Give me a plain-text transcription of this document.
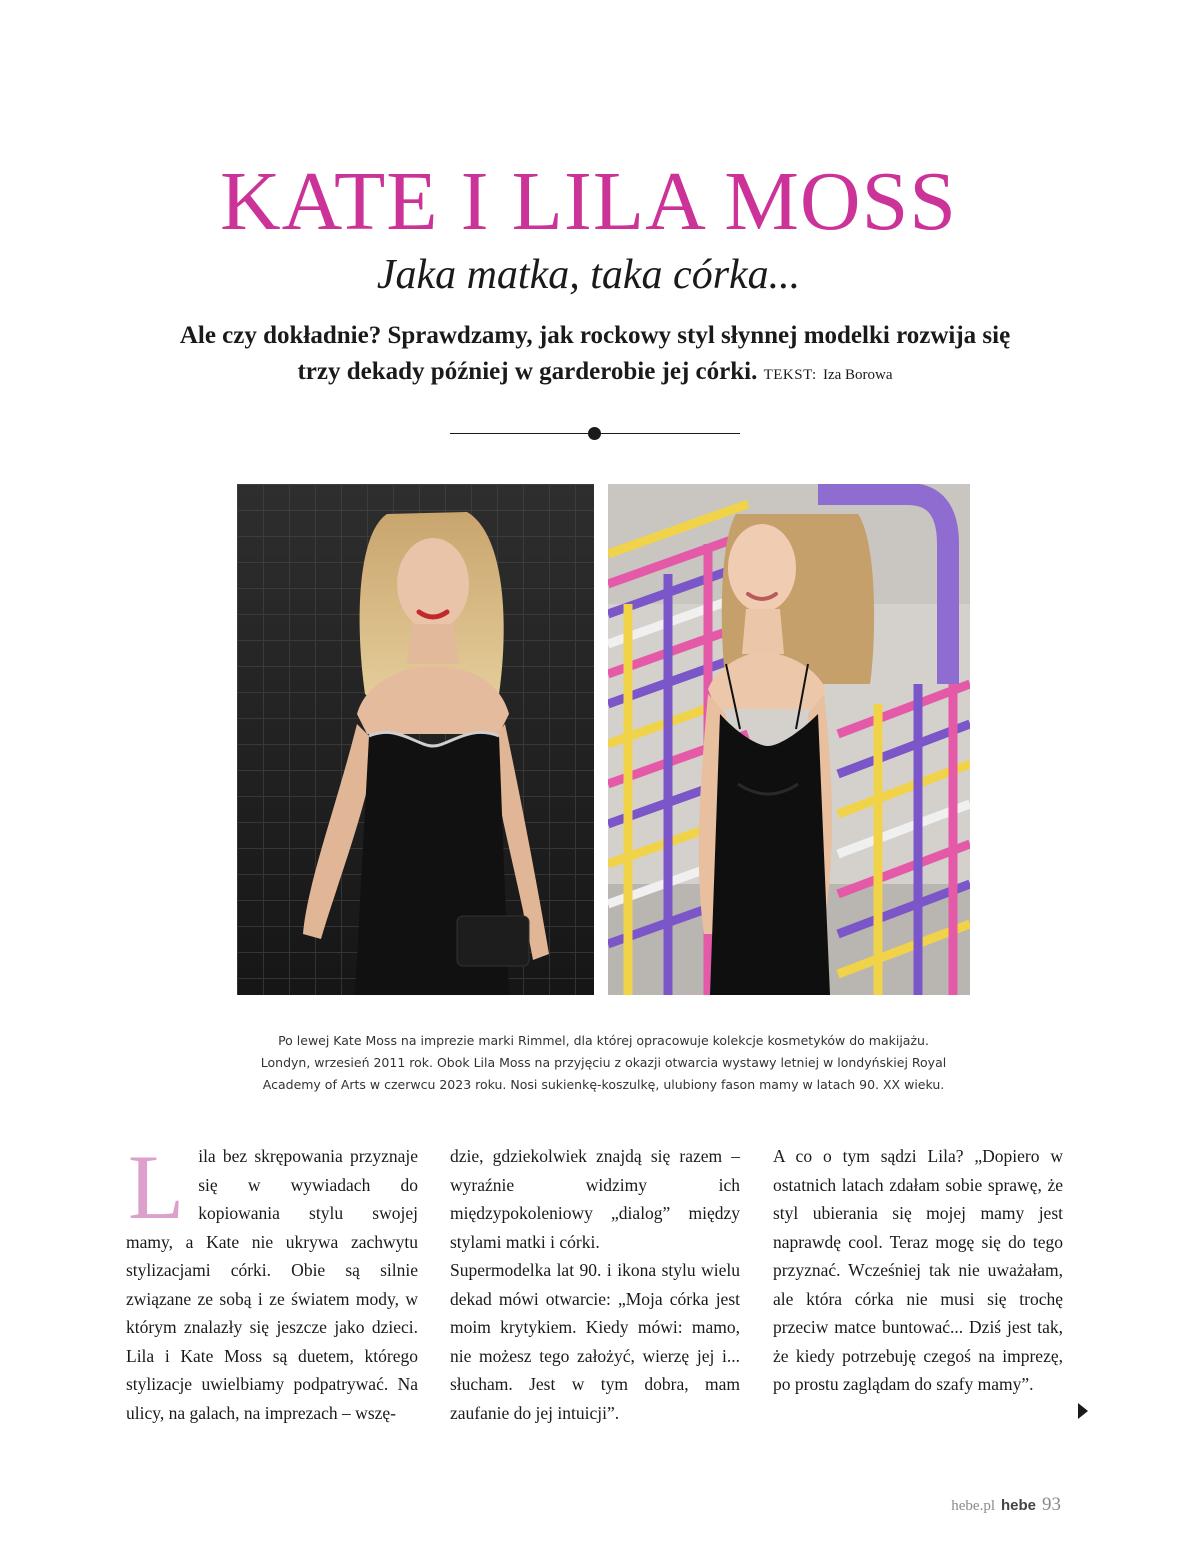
KATE I LILA MOSS
Jaka matka, taka córka...
Ale czy dokładnie? Sprawdzamy, jak rockowy styl słynnej modelki rozwija się
trzy dekady później w garderobie jej córki. TEKST: Iza Borowa
Po lewej Kate Moss na imprezie marki Rimmel, dla której opracowuje kolekcje kosmetyków do makijażu.
Londyn, wrzesień 2011 rok. Obok Lila Moss na przyjęciu z okazji otwarcia wystawy letniej w londyńskiej Royal
Academy of Arts w czerwcu 2023 roku. Nosi sukienkę-koszulkę, ulubiony fason mamy w latach 90. XX wieku.
L ila bez skrępowania przyznaje się w wywiadach do kopiowania stylu swojej mamy, a Kate nie ukrywa zachwytu stylizacjami córki. Obie są silnie związane ze sobą i ze światem mody, w którym znalazły się jeszcze jako dzieci. Lila i Kate Moss są duetem, którego stylizacje uwielbiamy podpatrywać. Na ulicy, na galach, na imprezach – wszę-

dzie, gdziekolwiek znajdą się razem – wyraźnie widzimy ich międzypokoleniowy „dialog” między stylami matki i córki.

Supermodelka lat 90. i ikona stylu wielu dekad mówi otwarcie: „Moja córka jest moim krytykiem. Kiedy mówi: mamo, nie możesz tego założyć, wierzę jej i... słucham. Jest w tym dobra, mam zaufanie do jej intuicji”.

A co o tym sądzi Lila? „Dopiero w ostatnich latach zdałam sobie sprawę, że styl ubierania się mojej mamy jest naprawdę cool. Teraz mogę się do tego przyznać. Wcześniej tak nie uważałam, ale która córka nie musi się trochę przeciw matce buntować... Dziś jest tak, że kiedy potrzebuję czegoś na imprezę, po prostu zaglądam do szafy mamy”.

hebe.pl hebe 93
